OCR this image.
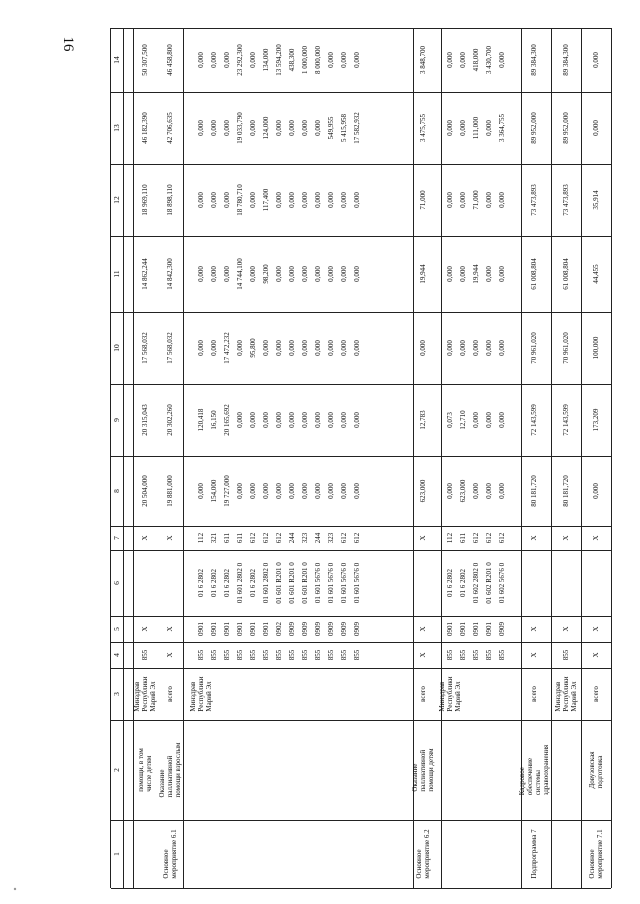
16
1
2
3
4
5
6
7
8
9
10
11
12
13
14
помощи, в том
числе детям
Минздрав
Республики
Марий Эл
855
X
X
20 504,000
20 315,043
17 568,032
14 862,244
18 969,110
46 182,390
50 307,500
Основное
мероприятие 6.1
Оказание
паллиативной
помощи взрослым
всего
X
X
X
19 881,000
20 302,260
17 568,032
14 842,300
18 898,110
42 706,635
46 458,800
Минздрав
Республики
Марий Эл
855
0901
01 6 2802
112
0,000
120,418
0,000
0,000
0,000
0,000
0,000
855
0901
01 6 2802
321
154,000
16,150
0,000
0,000
0,000
0,000
0,000
855
0901
01 6 2802
611
19 727,000
20 165,692
17 472,232
0,000
0,000
0,000
0,000
855
0901
01 601 2802 0
611
0,000
0,000
0,000
14 744,100
18 780,710
19 033,790
23 292,300
855
0901
01 6 2802
612
0,000
0,000
95,800
0,000
0,000
0,000
0,000
855
0901
01 601 2802 0
612
0,000
0,000
0,000
98,200
117,400
124,000
134,000
855
0902
01 601 R201 0
612
0,000
0,000
0,000
0,000
0,000
0,000
13 594,200
855
0909
01 601 R201 0
244
0,000
0,000
0,000
0,000
0,000
0,000
438,300
855
0909
01 601 R201 0
323
0,000
0,000
0,000
0,000
0,000
0,000
1 000,000
855
0909
01 601 5676 0
244
0,000
0,000
0,000
0,000
0,000
0,000
8 000,000
855
0909
01 601 5676 0
323
0,000
0,000
0,000
0,000
0,000
549,955
0,000
855
0909
01 601 5676 0
612
0,000
0,000
0,000
0,000
0,000
5 415,958
0,000
855
0909
01 601 5676 0
612
0,000
0,000
0,000
0,000
0,000
17 582,932
0,000
Основное
мероприятие 6.2
Оказание
паллиативной
помощи детям
всего
X
X
X
623,000
12,783
0,000
19,944
71,000
3 475,755
3 848,700
Минздрав
Республики
Марий Эл
855
0901
01 6 2802
112
0,000
0,073
0,000
0,000
0,000
0,000
0,000
855
0901
01 6 2802
611
623,000
12,710
0,000
0,000
0,000
0,000
0,000
855
0901
01 602 2802 0
612
0,000
0,000
0,000
19,944
71,000
111,000
418,000
855
0901
01 602 R201 0
612
0,000
0,000
0,000
0,000
0,000
0,000
3 430,700
855
0909
01 602 5676 0
612
0,000
0,000
0,000
0,000
0,000
3 364,755
0,000
Подпрограмма 7
Кадровое
обеспечение
системы
здравоохранения
всего
X
X
X
80 181,720
72 143,599
70 961,020
61 008,804
73 473,893
89 952,000
89 384,300
Минздрав
Республики
Марий Эл
855
X
X
80 181,720
72 143,599
70 961,020
61 008,804
73 473,893
89 952,000
89 384,300
Основное
мероприятие 7.1
Довузовская
подготовка
всего
X
X
X
0,000
173,209
100,000
44,455
35,914
0,000
0,000
